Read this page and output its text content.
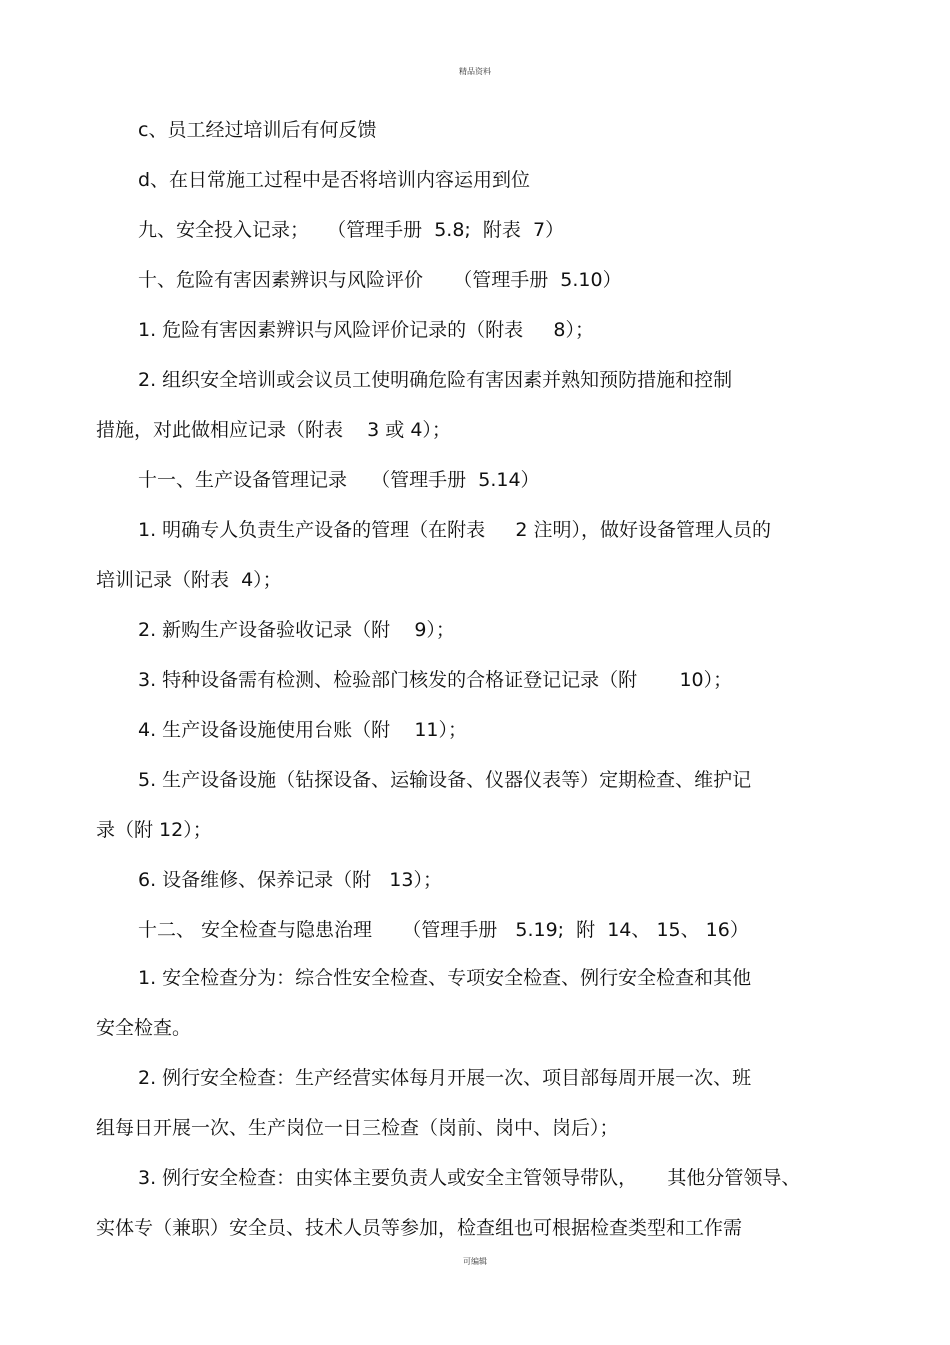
精品资料
c、员工经过培训后有何反馈
d、在日常施工过程中是否将培训内容运用到位
九、安全投入记录；   （管理手册  5.8;  附表  7）
十、危险有害因素辨识与风险评价     （管理手册  5.10）
1. 危险有害因素辨识与风险评价记录的（附表     8）；
2. 组织安全培训或会议员工使明确危险有害因素并熟知预防措施和控制
措施，对此做相应记录（附表    3 或 4）；
十一、生产设备管理记录    （管理手册  5.14）
1. 明确专人负责生产设备的管理（在附表     2 注明），做好设备管理人员的
培训记录（附表  4）；
2. 新购生产设备验收记录（附    9）；
3. 特种设备需有检测、检验部门核发的合格证登记记录（附       10）；
4. 生产设备设施使用台账（附    11）；
5. 生产设备设施（钻探设备、运输设备、仪器仪表等）定期检查、维护记
录（附 12）；
6. 设备维修、保养记录（附   13）；
十二、 安全检查与隐患治理     （管理手册   5.19;  附  14、 15、 16）
1. 安全检查分为：综合性安全检查、专项安全检查、例行安全检查和其他
安全检查。
2. 例行安全检查：生产经营实体每月开展一次、项目部每周开展一次、班
组每日开展一次、生产岗位一日三检查（岗前、岗中、岗后）；
3. 例行安全检查：由实体主要负责人或安全主管领导带队，     其他分管领导、
实体专（兼职）安全员、技术人员等参加，检查组也可根据检查类型和工作需
可编辑
